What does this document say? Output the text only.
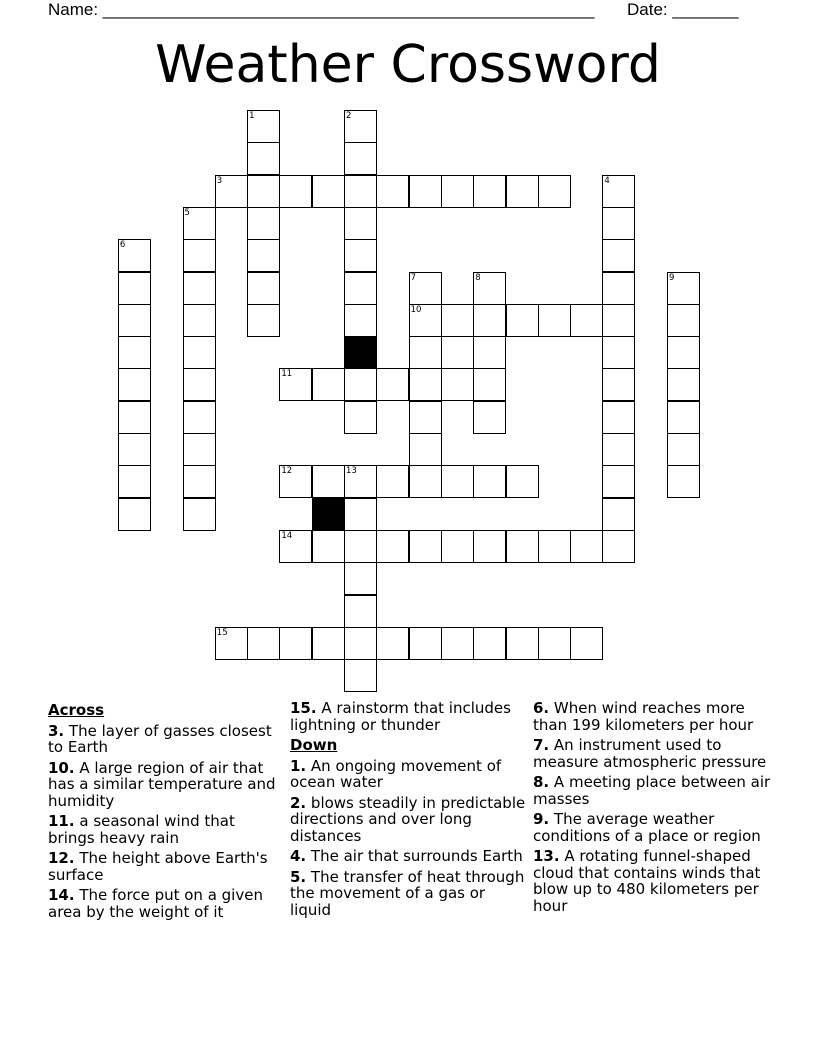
Name: ____________________________________________________ Date: _______
Weather Crossword
1	2
3	4
5
6
7
10
8	9
11
12	13
14
15
Across
3. The layer of gasses closest to Earth
10. A large region of air that has a similar temperature and humidity
11. a seasonal wind that brings heavy rain
12. The height above Earth's surface
14. The force put on a given area by the weight of it
15. A rainstorm that includes lightning or thunder
Down
1. An ongoing movement of ocean water
2. blows steadily in predictable directions and over long distances
4. The air that surrounds Earth
5. The transfer of heat through the movement of a gas or liquid
6. When wind reaches more than 199 kilometers per hour
7. An instrument used to measure atmospheric pressure
8. A meeting place between air masses
9. The average weather conditions of a place or region
13. A rotating funnel-shaped cloud that contains winds that blow up to 480 kilometers per hour
